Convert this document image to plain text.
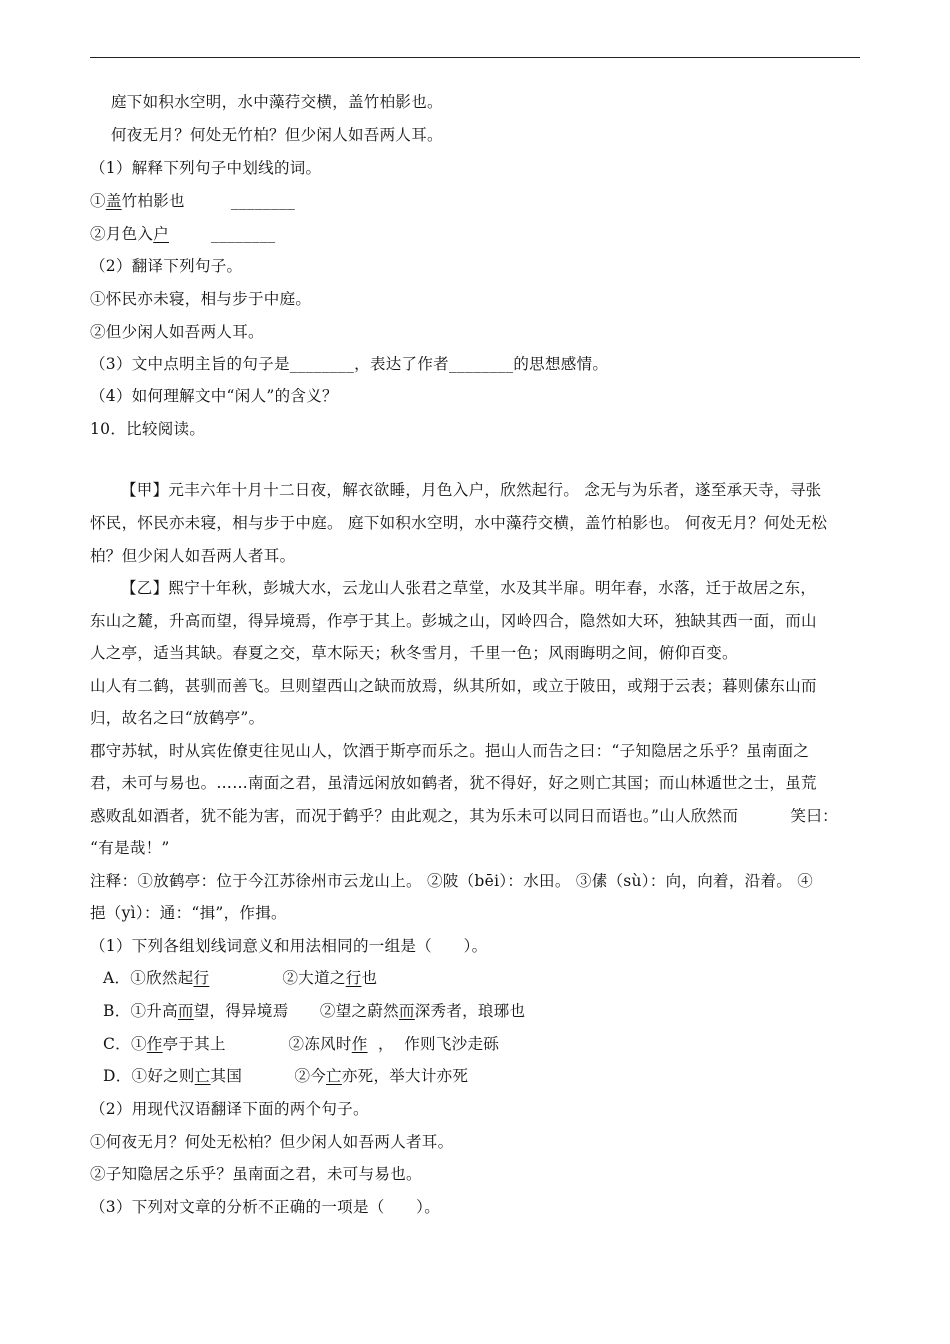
庭下如积水空明，水中藻荇交横，盖竹柏影也。
何夜无月？何处无竹柏？但少闲人如吾两人耳。
（1）解释下列句子中划线的词。
①盖竹柏影也	________
②月色入户	________
（2）翻译下列句子。
①怀民亦未寝，相与步于中庭。
②但少闲人如吾两人耳。
（3）文中点明主旨的句子是________，表达了作者________的思想感情。
（4）如何理解文中“闲人”的含义？
10．比较阅读。
【甲】元丰六年十月十二日夜，解衣欲睡，月色入户，欣然起行。 念无与为乐者，遂至承天寺，寻张
怀民，怀民亦未寝，相与步于中庭。 庭下如积水空明，水中藻荇交横，盖竹柏影也。 何夜无月？何处无松
柏？但少闲人如吾两人者耳。
【乙】熙宁十年秋，彭城大水，云龙山人张君之草堂，水及其半扉。明年春，水落，迁于故居之东，
东山之麓，升高而望，得异境焉，作亭于其上。彭城之山，冈岭四合，隐然如大环，独缺其西一面，而山
人之亭，适当其缺。春夏之交，草木际天；秋冬雪月，千里一色；风雨晦明之间，俯仰百变。
山人有二鹤，甚驯而善飞。旦则望西山之缺而放焉，纵其所如，或立于陂田，或翔于云表；暮则傃东山而
归，故名之曰“放鹤亭”。
郡守苏轼，时从宾佐僚吏往见山人，饮酒于斯亭而乐之。挹山人而告之曰：“子知隐居之乐乎？虽南面之
君，未可与易也。……南面之君，虽清远闲放如鹤者，犹不得好，好之则亡其国；而山林遁世之士，虽荒
惑败乱如酒者，犹不能为害，而况于鹤乎？由此观之，其为乐未可以同日而语也。”山人欣然而          笑曰：
“有是哉！”
注释：①放鹤亭：位于今江苏徐州市云龙山上。 ②陂（bēi）：水田。 ③傃（sù）：向，向着，沿着。 ④
挹（yì）：通：“揖”，作揖。
（1）下列各组划线词意义和用法相同的一组是（　　）。
A．①欣然起行	②大道之行也
B．①升高而望，得异境焉 ②望之蔚然而深秀者，琅琊也
C．①作亭于其上	②冻风时作  ，  作则飞沙走砾
D．①好之则亡其国	②今亡亦死，举大计亦死
（2）用现代汉语翻译下面的两个句子。
①何夜无月？何处无松柏？但少闲人如吾两人者耳。
②子知隐居之乐乎？虽南面之君，未可与易也。
（3）下列对文章的分析不正确的一项是（　　）。
